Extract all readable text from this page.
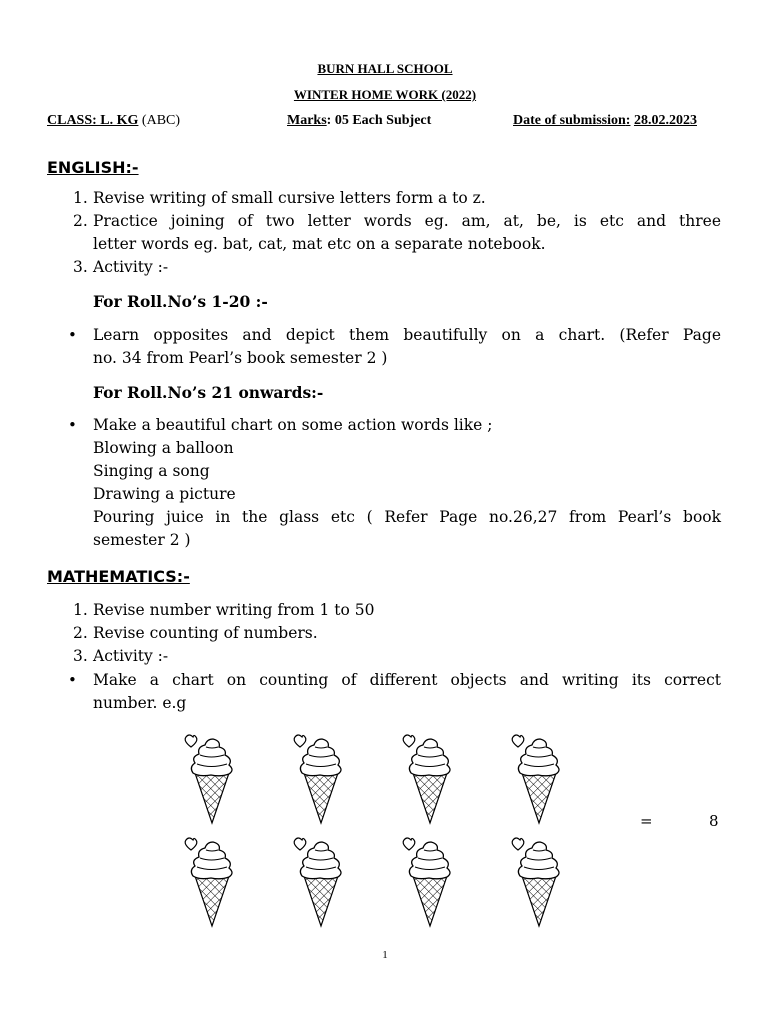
BURN HALL SCHOOL
WINTER HOME WORK (2022)
CLASS: L. KG (ABC)	Marks: 05 Each Subject	Date of submission: 28.02.2023
ENGLISH:-
1. Revise writing of small cursive letters form a to z.
2. Practice joining of two letter words eg. am, at, be, is etc and three
letter words eg. bat, cat, mat etc on a separate notebook.
3. Activity :-
For Roll.No’s 1-20 :-
• Learn opposites and depict them beautifully on a chart. (Refer Page
no. 34 from Pearl’s book semester 2 )
For Roll.No’s 21 onwards:-
• Make a beautiful chart on some action words like ;
Blowing a balloon
Singing a song
Drawing a picture
Pouring juice in the glass etc ( Refer Page no.26,27 from Pearl’s book
semester 2 )
MATHEMATICS:-
1. Revise number writing from 1 to 50
2. Revise counting of numbers.
3. Activity :-
• Make a chart on counting of different objects and writing its correct
number. e.g
=	8
1
